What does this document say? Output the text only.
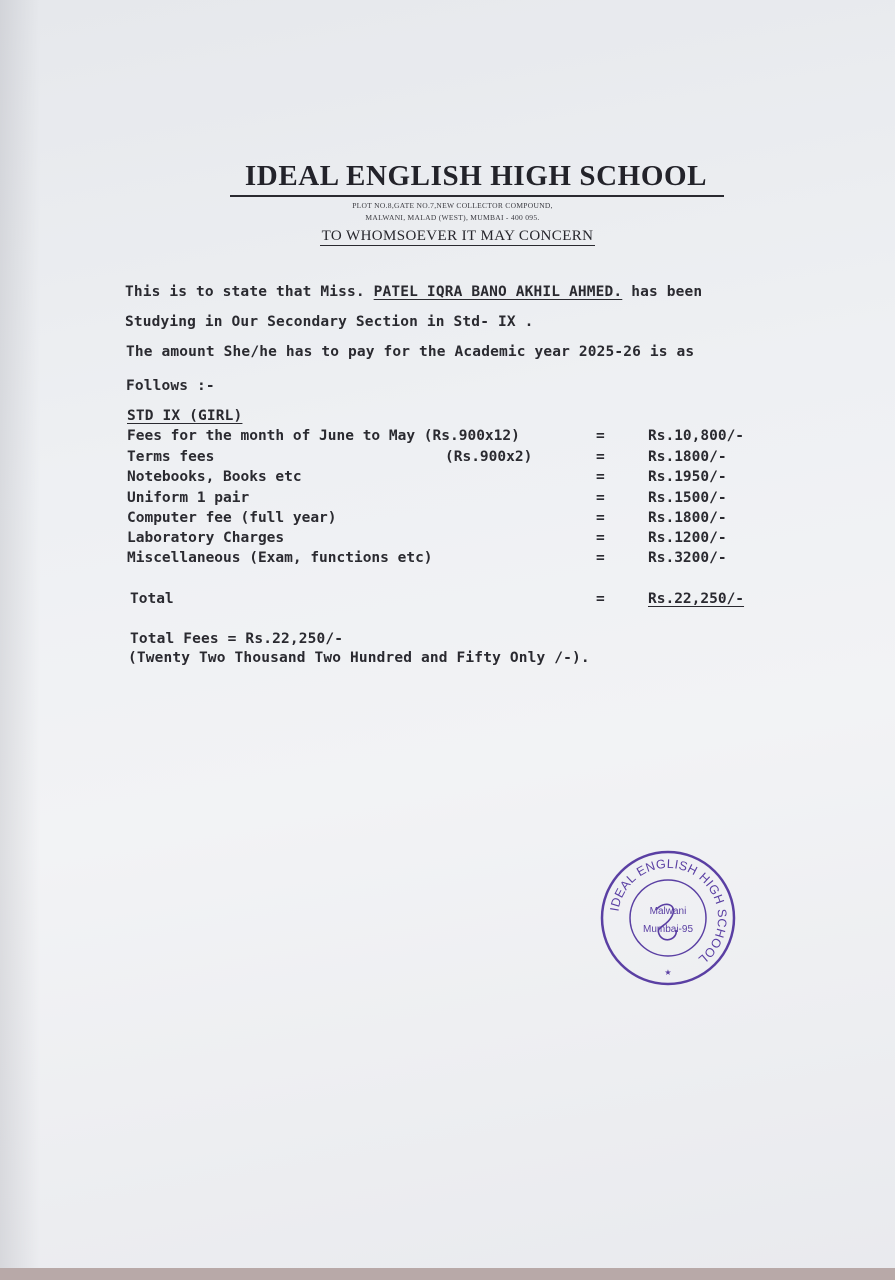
IDEAL ENGLISH HIGH SCHOOL
PLOT NO.8,GATE NO.7,NEW COLLECTOR COMPOUND,
MALWANI, MALAD (WEST), MUMBAI - 400 095.
TO WHOMSOEVER IT MAY CONCERN
This is to state that Miss. PATEL IQRA BANO AKHIL AHMED. has been
Studying in Our Secondary Section in Std- IX .
The amount She/he has to pay for the Academic year 2025-26 is as
Follows :-
STD IX (GIRL)
Fees for the month of June to May (Rs.900x12)	=	Rs.10,800/-
Terms fees	(Rs.900x2)	=	Rs.1800/-
Notebooks, Books etc	=	Rs.1950/-
Uniform 1 pair	=	Rs.1500/-
Computer fee (full year)	=	Rs.1800/-
Laboratory Charges	=	Rs.1200/-
Miscellaneous (Exam, functions etc)	=	Rs.3200/-
Total	=	Rs.22,250/-
Total Fees = Rs.22,250/-
(Twenty Two Thousand Two Hundred and Fifty Only /-).
IDEAL ENGLISH HIGH SCHOOL
Malwani
Mumbai-95
★
